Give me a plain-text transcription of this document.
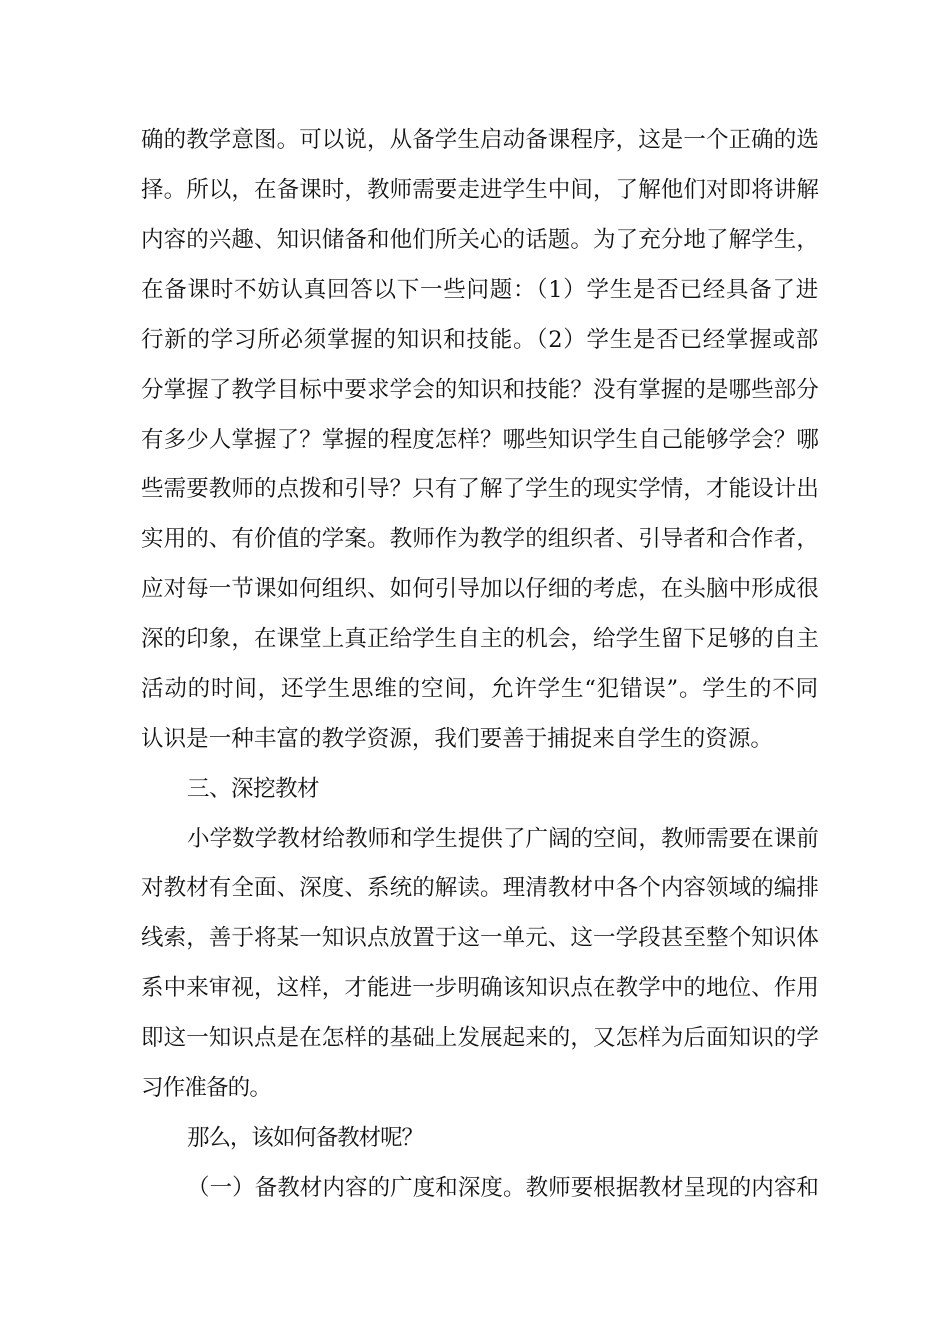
确的教学意图。可以说，从备学生启动备课程序，这是一个正确的选
择。所以，在备课时，教师需要走进学生中间，了解他们对即将讲解
内容的兴趣、知识储备和他们所关心的话题。为了充分地了解学生，
在备课时不妨认真回答以下一些问题：（1）学生是否已经具备了进
行新的学习所必须掌握的知识和技能。（2）学生是否已经掌握或部
分掌握了教学目标中要求学会的知识和技能？没有掌握的是哪些部分
有多少人掌握了？掌握的程度怎样？哪些知识学生自己能够学会？哪
些需要教师的点拨和引导？只有了解了学生的现实学情，才能设计出
实用的、有价值的学案。教师作为教学的组织者、引导者和合作者，
应对每一节课如何组织、如何引导加以仔细的考虑，在头脑中形成很
深的印象，在课堂上真正给学生自主的机会，给学生留下足够的自主
活动的时间，还学生思维的空间，允许学生“犯错误”。学生的不同
认识是一种丰富的教学资源，我们要善于捕捉来自学生的资源。
三、深挖教材
小学数学教材给教师和学生提供了广阔的空间，教师需要在课前
对教材有全面、深度、系统的解读。理清教材中各个内容领域的编排
线索，善于将某一知识点放置于这一单元、这一学段甚至整个知识体
系中来审视，这样，才能进一步明确该知识点在教学中的地位、作用
即这一知识点是在怎样的基础上发展起来的，又怎样为后面知识的学
习作准备的。
那么，该如何备教材呢？
（一）备教材内容的广度和深度。教师要根据教材呈现的内容和
